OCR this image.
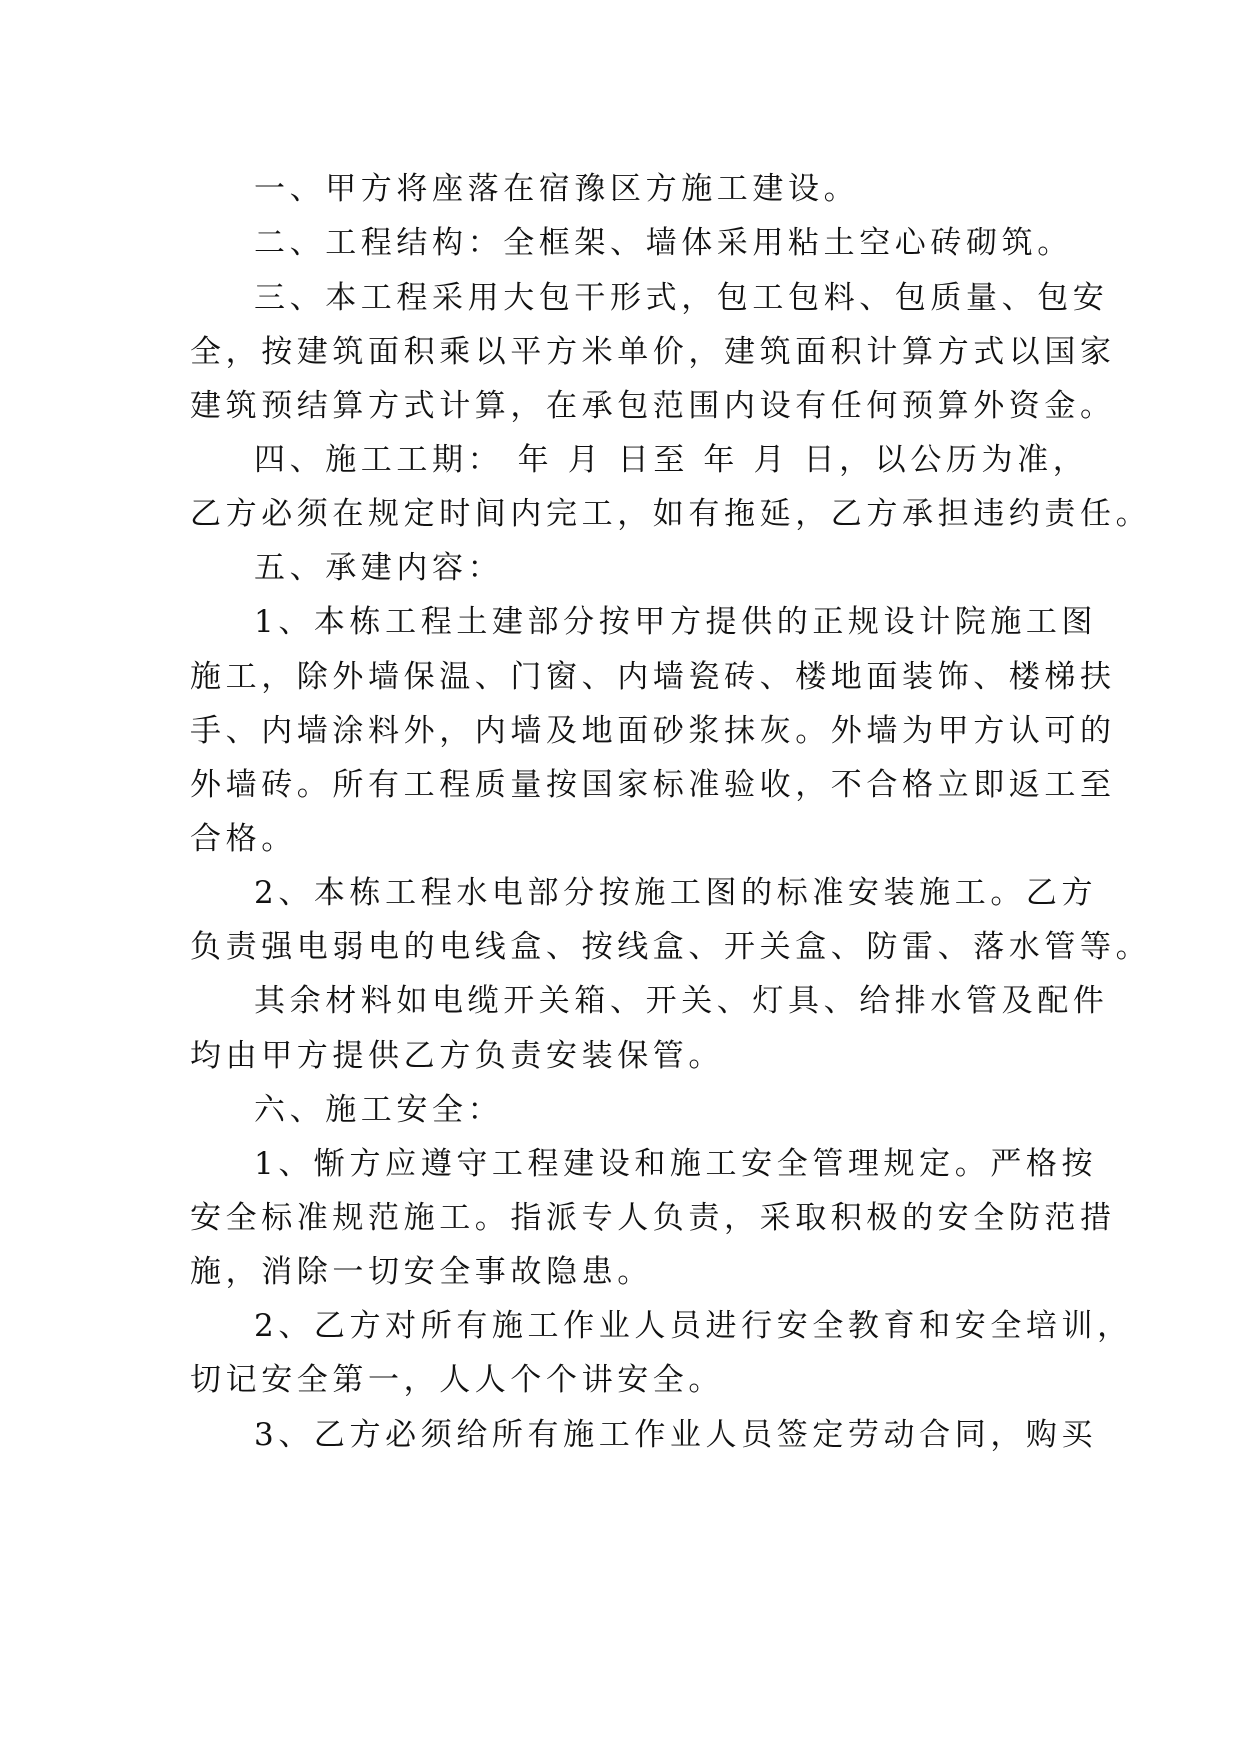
一、甲方将座落在宿豫区方施工建设。
二、工程结构：全框架、墙体采用粘土空心砖砌筑。
三、本工程采用大包干形式，包工包料、包质量、包安
全，按建筑面积乘以平方米单价，建筑面积计算方式以国家
建筑预结算方式计算，在承包范围内设有任何预算外资金。
四、施工工期： 年 月 日至 年 月 日，以公历为准，
乙方必须在规定时间内完工，如有拖延，乙方承担违约责任。
五、承建内容：
1、本栋工程土建部分按甲方提供的正规设计院施工图
施工，除外墙保温、门窗、内墙瓷砖、楼地面装饰、楼梯扶
手、内墙涂料外，内墙及地面砂浆抹灰。外墙为甲方认可的
外墙砖。所有工程质量按国家标准验收，不合格立即返工至
合格。
2、本栋工程水电部分按施工图的标准安装施工。乙方
负责强电弱电的电线盒、按线盒、开关盒、防雷、落水管等。
其余材料如电缆开关箱、开关、灯具、给排水管及配件
均由甲方提供乙方负责安装保管。
六、施工安全：
1、惭方应遵守工程建设和施工安全管理规定。严格按
安全标准规范施工。指派专人负责，采取积极的安全防范措
施，消除一切安全事故隐患。
2、乙方对所有施工作业人员进行安全教育和安全培训，
切记安全第一，人人个个讲安全。
3、乙方必须给所有施工作业人员签定劳动合同，购买
